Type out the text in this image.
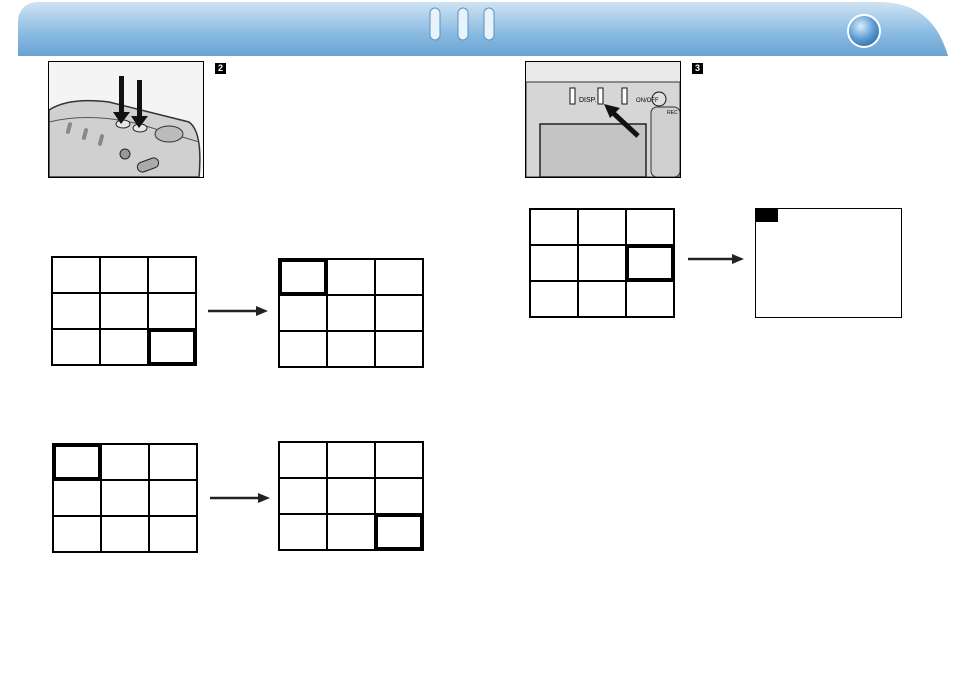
2
DISP.	ON/OFF
REC
3
